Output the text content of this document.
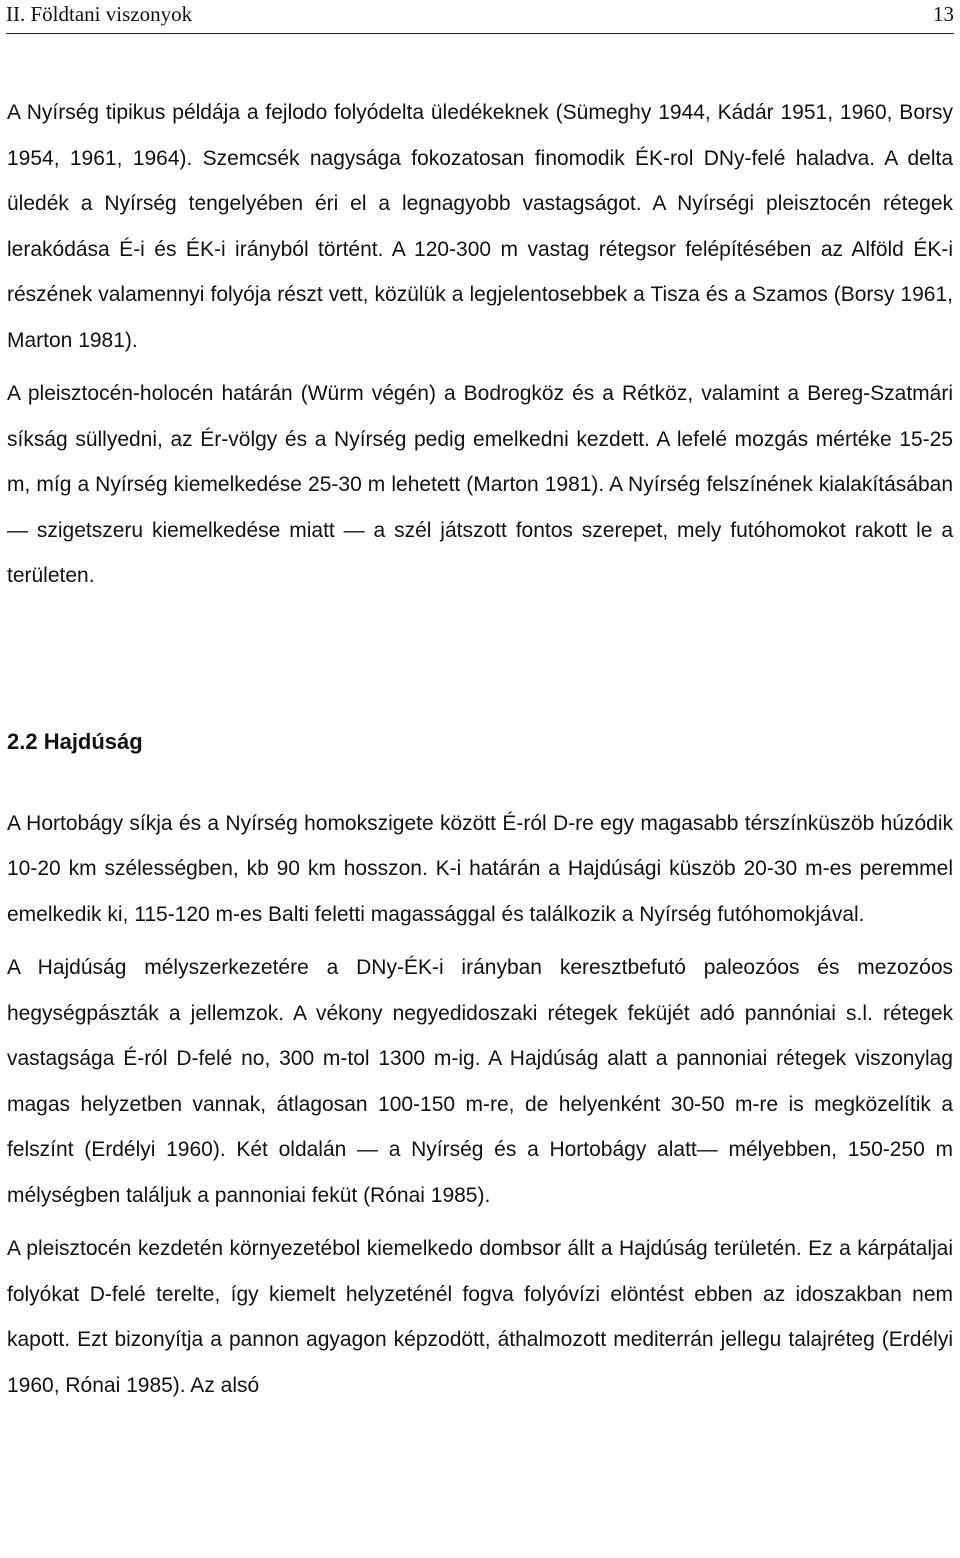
II. Földtani viszonyok	13

A Nyírség tipikus példája a fejlodo folyódelta üledékeknek (Sümeghy 1944, Kádár 1951, 1960, Borsy 1954, 1961, 1964). Szemcsék nagysága fokozatosan finomodik ÉK-rol DNy-felé haladva. A delta üledék a Nyírség tengelyében éri el a legnagyobb vastagságot. A Nyírségi pleisztocén rétegek lerakódása É-i és ÉK-i irányból történt. A 120-300 m vastag rétegsor felépítésében az Alföld ÉK-i részének valamennyi folyója részt vett, közülük a legjelentosebbek a Tisza és a Szamos (Borsy 1961, Marton 1981).

A pleisztocén-holocén határán (Würm végén) a Bodrogköz és a Rétköz, valamint a Bereg-Szatmári síkság süllyedni, az Ér-völgy és a Nyírség pedig emelkedni kezdett. A lefelé mozgás mértéke 15-25 m, míg a Nyírség kiemelkedése 25-30 m lehetett (Marton 1981). A Nyírség felszínének kialakításában — szigetszeru kiemelkedése miatt — a szél játszott fontos szerepet, mely futóhomokot rakott le a területen.

2.2 Hajdúság

A Hortobágy síkja és a Nyírség homokszigete között É-ról D-re egy magasabb térszínküszöb húzódik 10-20 km szélességben, kb 90 km hosszon. K-i határán a Hajdúsági küszöb 20-30 m-es peremmel emelkedik ki, 115-120 m-es Balti feletti magassággal és találkozik a Nyírség futóhomokjával.

A Hajdúság mélyszerkezetére a DNy-ÉK-i irányban keresztbefutó paleozóos és mezozóos hegységpászták a jellemzok. A vékony negyedidoszaki rétegek feküjét adó pannóniai s.l. rétegek vastagsága É-ról D-felé no, 300 m-tol 1300 m-ig. A Hajdúság alatt a pannoniai rétegek viszonylag magas helyzetben vannak, átlagosan 100-150 m-re, de helyenként 30-50 m-re is megközelítik a felszínt (Erdélyi 1960). Két oldalán — a Nyírség és a Hortobágy alatt— mélyebben, 150-250 m mélységben találjuk a pannoniai feküt (Rónai 1985).

A pleisztocén kezdetén környezetébol kiemelkedo dombsor állt a Hajdúság területén. Ez a kárpátaljai folyókat D-felé terelte, így kiemelt helyzeténél fogva folyóvízi elöntést ebben az idoszakban nem kapott. Ezt bizonyítja a pannon agyagon képzodött, áthalmozott mediterrán jellegu talajréteg (Erdélyi 1960, Rónai 1985). Az alsó
